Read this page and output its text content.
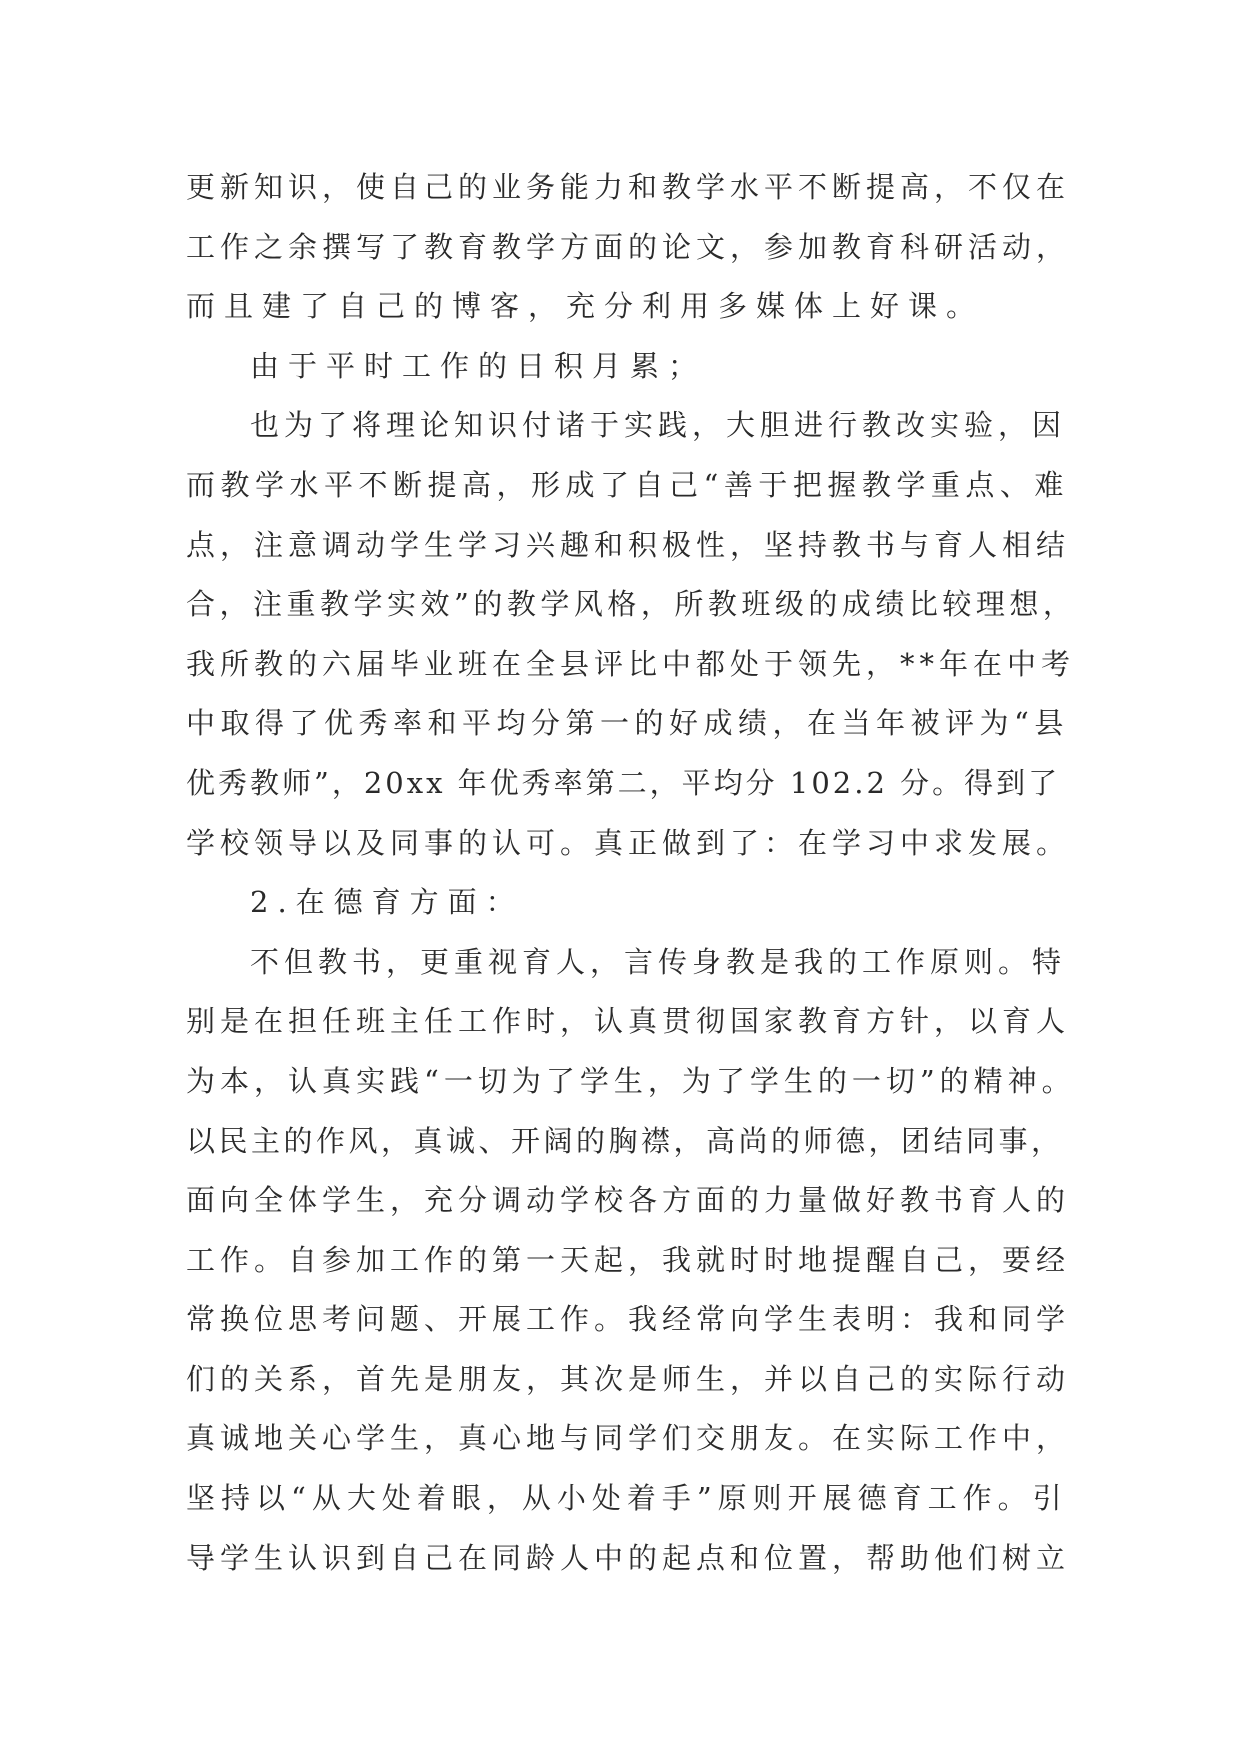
更新知识，使自己的业务能力和教学水平不断提高，不仅在
工作之余撰写了教育教学方面的论文，参加教育科研活动，
而且建了自己的博客，充分利用多媒体上好课。
由于平时工作的日积月累；
也为了将理论知识付诸于实践，大胆进行教改实验，因
而教学水平不断提高，形成了自己“善于把握教学重点、难
点，注意调动学生学习兴趣和积极性，坚持教书与育人相结
合，注重教学实效”的教学风格，所教班级的成绩比较理想，
我所教的六届毕业班在全县评比中都处于领先，**年在中考
中取得了优秀率和平均分第一的好成绩，在当年被评为“县
优秀教师”，20xx 年优秀率第二，平均分 102.2 分。得到了
学校领导以及同事的认可。真正做到了：在学习中求发展。
2.在德育方面：
不但教书，更重视育人，言传身教是我的工作原则。特
别是在担任班主任工作时，认真贯彻国家教育方针，以育人
为本，认真实践“一切为了学生，为了学生的一切”的精神。
以民主的作风，真诚、开阔的胸襟，高尚的师德，团结同事，
面向全体学生，充分调动学校各方面的力量做好教书育人的
工作。自参加工作的第一天起，我就时时地提醒自己，要经
常换位思考问题、开展工作。我经常向学生表明：我和同学
们的关系，首先是朋友，其次是师生，并以自己的实际行动
真诚地关心学生，真心地与同学们交朋友。在实际工作中，
坚持以“从大处着眼，从小处着手”原则开展德育工作。引
导学生认识到自己在同龄人中的起点和位置，帮助他们树立
